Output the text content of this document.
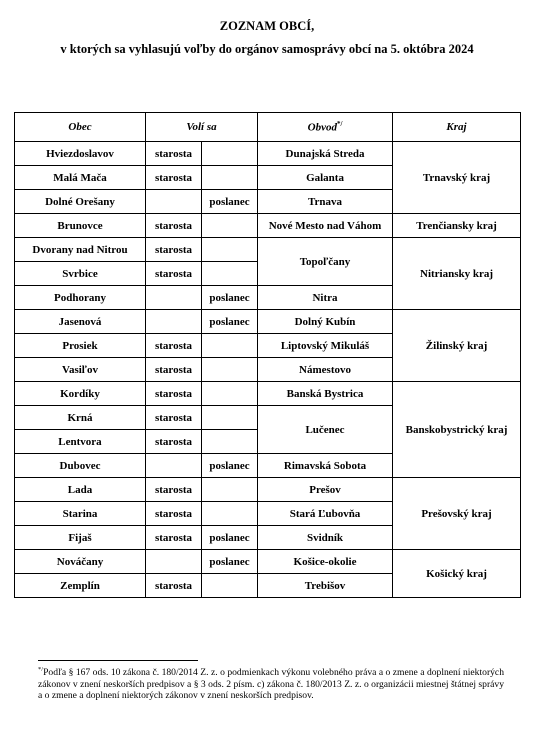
ZOZNAM OBCÍ,
v ktorých sa vyhlasujú voľby do orgánov samosprávy obcí na 5. októbra 2024
Obec	Volí sa		Obvod*/	Kraj
Hviezdoslavov	starosta		Dunajská Streda	Trnavský kraj
Malá Mača	starosta		Galanta	
Dolné Orešany		poslanec	Trnava	
Brunovce	starosta		Nové Mesto nad Váhom	Trenčiansky kraj
Dvorany nad Nitrou	starosta		Topoľčany	Nitriansky kraj
Svrbice	starosta			
Podhorany		poslanec	Nitra	
Jasenová		poslanec	Dolný Kubín	Žilinský kraj
Prosiek	starosta		Liptovský Mikuláš	
Vasiľov	starosta		Námestovo	
Kordíky	starosta		Banská Bystrica	Banskobystrický kraj
Krná	starosta		Lučenec	
Lentvora	starosta			
Dubovec		poslanec	Rimavská Sobota	
Lada	starosta		Prešov	Prešovský kraj
Starina	starosta		Stará Ľubovňa	
Fijaš	starosta	poslanec	Svidník	
Nováčany		poslanec	Košice-okolie	Košický kraj
Zemplín	starosta		Trebišov	
*/Podľa § 167 ods. 10 zákona č. 180/2014 Z. z. o podmienkach výkonu volebného práva a o zmene a doplnení niektorých zákonov v znení neskorších predpisov a § 3 ods. 2 písm. c) zákona č. 180/2013 Z. z. o organizácii miestnej štátnej správy a o zmene a doplnení niektorých zákonov v znení neskorších predpisov.
